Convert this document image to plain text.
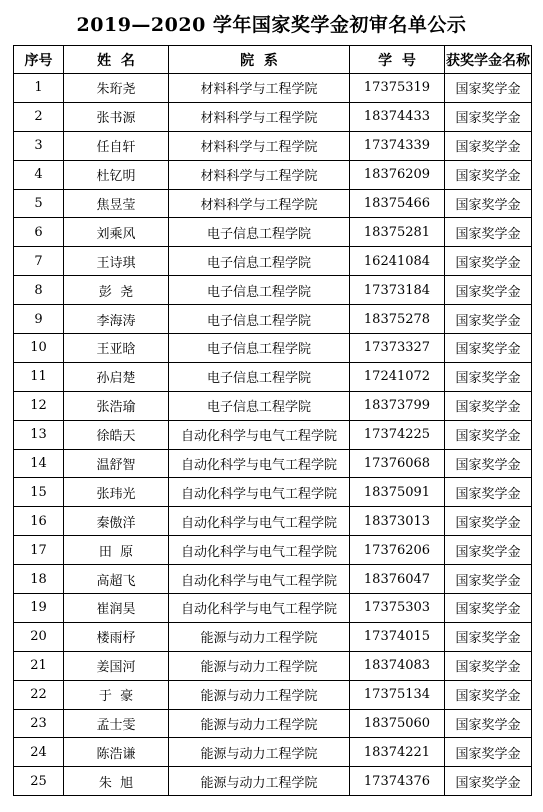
2019—2020 学年国家奖学金初审名单公示
序号	姓  名	院  系	学  号	获奖学金名称
1	朱珩尧	材料科学与工程学院	17375319	国家奖学金
2	张书源	材料科学与工程学院	18374433	国家奖学金
3	任自轩	材料科学与工程学院	17374339	国家奖学金
4	杜钇明	材料科学与工程学院	18376209	国家奖学金
5	焦昱莹	材料科学与工程学院	18375466	国家奖学金
6	刘乘风	电子信息工程学院	18375281	国家奖学金
7	王诗琪	电子信息工程学院	16241084	国家奖学金
8	彭  尧	电子信息工程学院	17373184	国家奖学金
9	李海涛	电子信息工程学院	18375278	国家奖学金
10	王亚晗	电子信息工程学院	17373327	国家奖学金
11	孙启楚	电子信息工程学院	17241072	国家奖学金
12	张浩瑜	电子信息工程学院	18373799	国家奖学金
13	徐皓天	自动化科学与电气工程学院	17374225	国家奖学金
14	温舒智	自动化科学与电气工程学院	17376068	国家奖学金
15	张玮光	自动化科学与电气工程学院	18375091	国家奖学金
16	秦傲洋	自动化科学与电气工程学院	18373013	国家奖学金
17	田  原	自动化科学与电气工程学院	17376206	国家奖学金
18	高超飞	自动化科学与电气工程学院	18376047	国家奖学金
19	崔润昊	自动化科学与电气工程学院	17375303	国家奖学金
20	楼雨杼	能源与动力工程学院	17374015	国家奖学金
21	姜国河	能源与动力工程学院	18374083	国家奖学金
22	于  豪	能源与动力工程学院	17375134	国家奖学金
23	孟士雯	能源与动力工程学院	18375060	国家奖学金
24	陈浩谦	能源与动力工程学院	18374221	国家奖学金
25	朱  旭	能源与动力工程学院	17374376	国家奖学金
